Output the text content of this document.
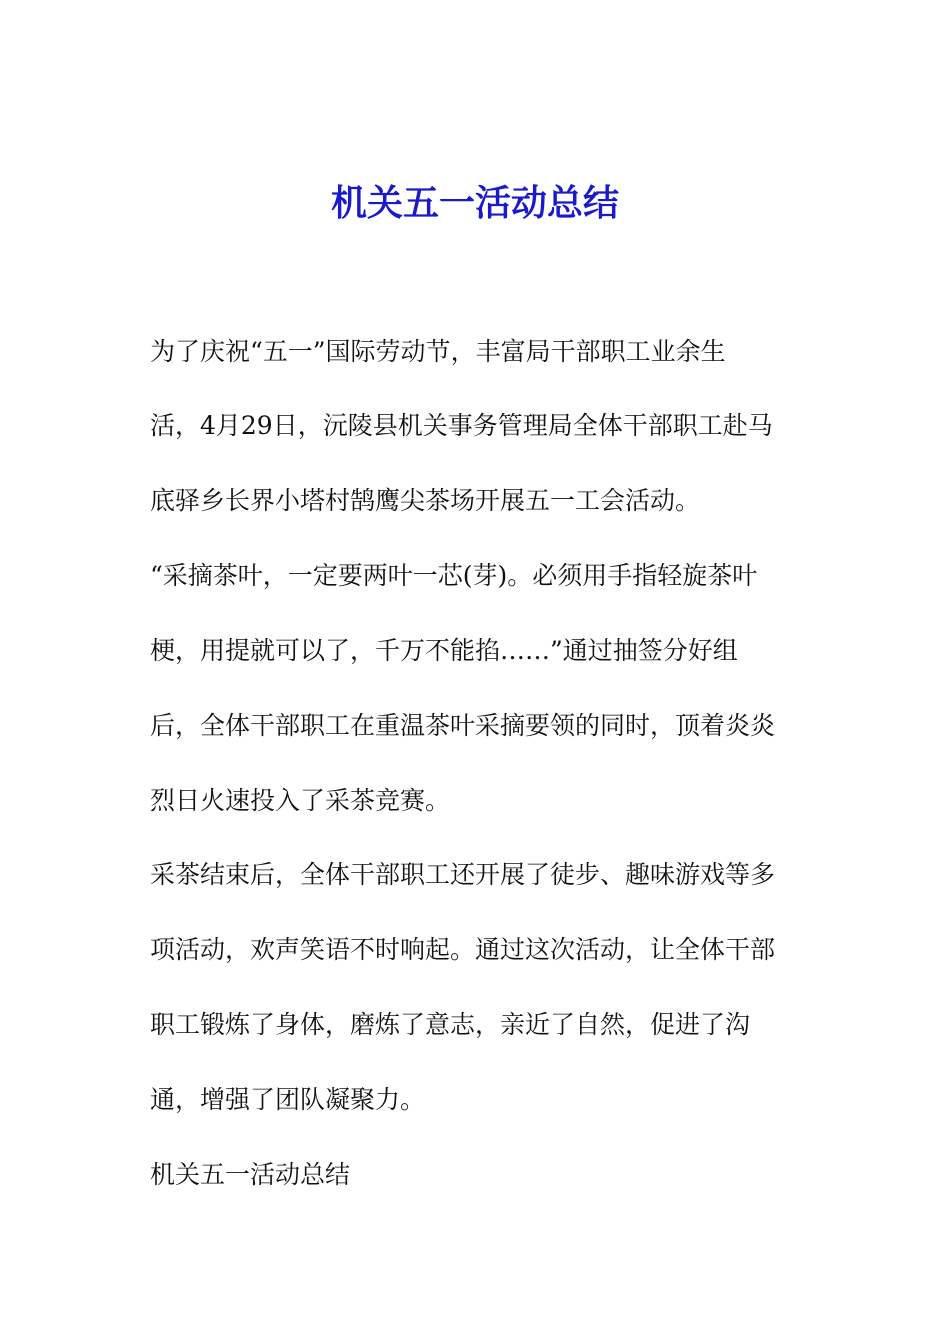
机关五一活动总结

为了庆祝“五一”国际劳动节，丰富局干部职工业余生

活，4月29日，沅陵县机关事务管理局全体干部职工赴马

底驿乡长界小塔村鹄鹰尖茶场开展五一工会活动。

“采摘茶叶，一定要两叶一芯(芽)。必须用手指轻旋茶叶

梗，用提就可以了，千万不能掐……”通过抽签分好组

后，全体干部职工在重温茶叶采摘要领的同时，顶着炎炎

烈日火速投入了采茶竞赛。

采茶结束后，全体干部职工还开展了徒步、趣味游戏等多

项活动，欢声笑语不时响起。通过这次活动，让全体干部

职工锻炼了身体，磨炼了意志，亲近了自然，促进了沟

通，增强了团队凝聚力。

机关五一活动总结
